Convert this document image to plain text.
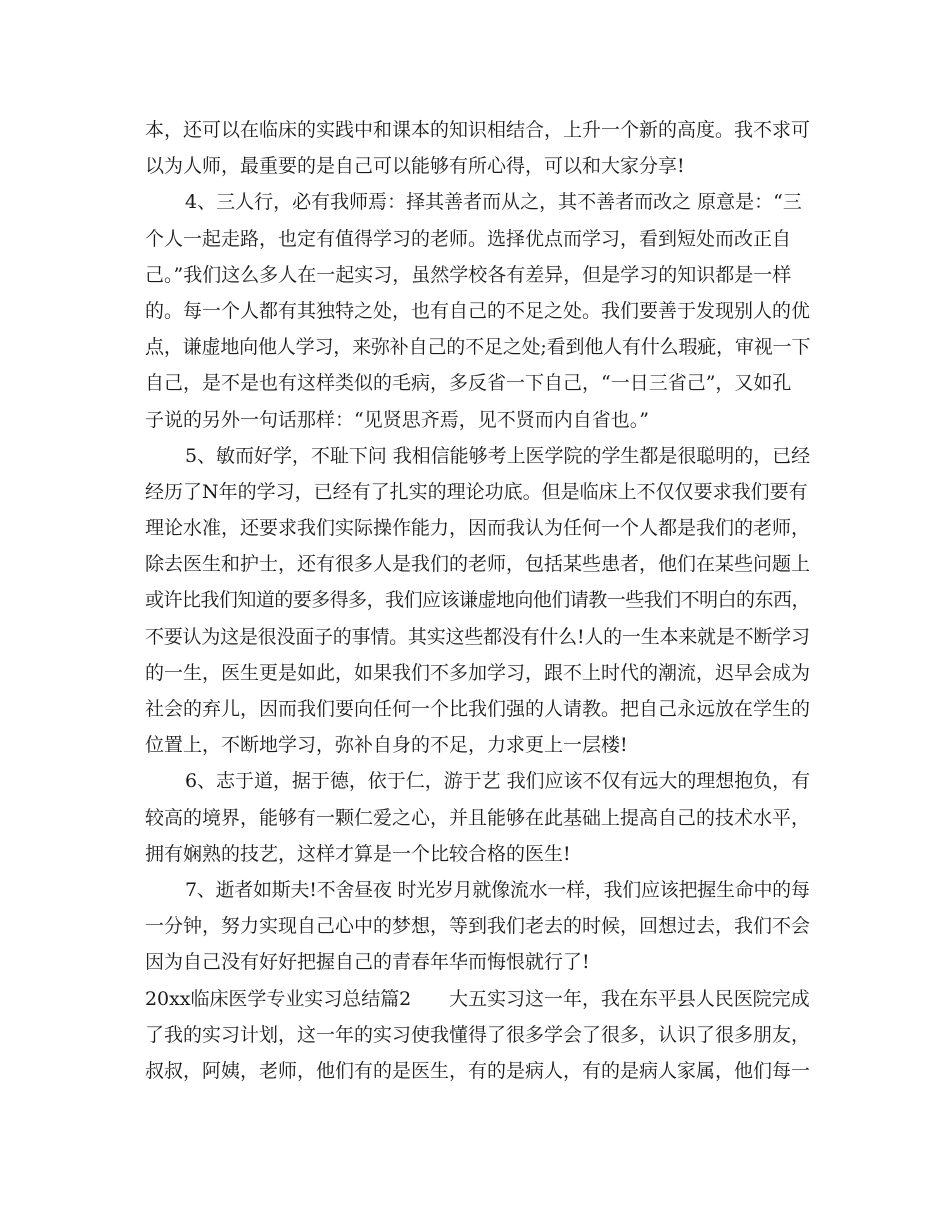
本，还可以在临床的实践中和课本的知识相结合，上升一个新的高度。我不求可
以为人师，最重要的是自己可以能够有所心得，可以和大家分享!
4、三人行，必有我师焉：择其善者而从之，其不善者而改之 原意是：“三
个人一起走路，也定有值得学习的老师。选择优点而学习，看到短处而改正自
己。”我们这么多人在一起实习，虽然学校各有差异，但是学习的知识都是一样
的。每一个人都有其独特之处，也有自己的不足之处。我们要善于发现别人的优
点，谦虚地向他人学习，来弥补自己的不足之处;看到他人有什么瑕疵，审视一下
自己，是不是也有这样类似的毛病，多反省一下自己，“一日三省己”，又如孔
子说的另外一句话那样：“见贤思齐焉，见不贤而内自省也。”
5、敏而好学，不耻下问 我相信能够考上医学院的学生都是很聪明的，已经
经历了N年的学习，已经有了扎实的理论功底。但是临床上不仅仅要求我们要有
理论水准，还要求我们实际操作能力，因而我认为任何一个人都是我们的老师，
除去医生和护士，还有很多人是我们的老师，包括某些患者，他们在某些问题上
或许比我们知道的要多得多，我们应该谦虚地向他们请教一些我们不明白的东西，
不要认为这是很没面子的事情。其实这些都没有什么!人的一生本来就是不断学习
的一生，医生更是如此，如果我们不多加学习，跟不上时代的潮流，迟早会成为
社会的弃儿，因而我们要向任何一个比我们强的人请教。把自己永远放在学生的
位置上，不断地学习，弥补自身的不足，力求更上一层楼!
6、志于道，据于德，依于仁，游于艺 我们应该不仅有远大的理想抱负，有
较高的境界，能够有一颗仁爱之心，并且能够在此基础上提高自己的技术水平，
拥有娴熟的技艺，这样才算是一个比较合格的医生!
7、逝者如斯夫!不舍昼夜 时光岁月就像流水一样，我们应该把握生命中的每
一分钟，努力实现自己心中的梦想，等到我们老去的时候，回想过去，我们不会
因为自己没有好好把握自己的青春年华而悔恨就行了!
20xx临床医学专业实习总结篇2　　大五实习这一年，我在东平县人民医院完成
了我的实习计划，这一年的实习使我懂得了很多学会了很多，认识了很多朋友，
叔叔，阿姨，老师，他们有的是医生，有的是病人，有的是病人家属，他们每一
